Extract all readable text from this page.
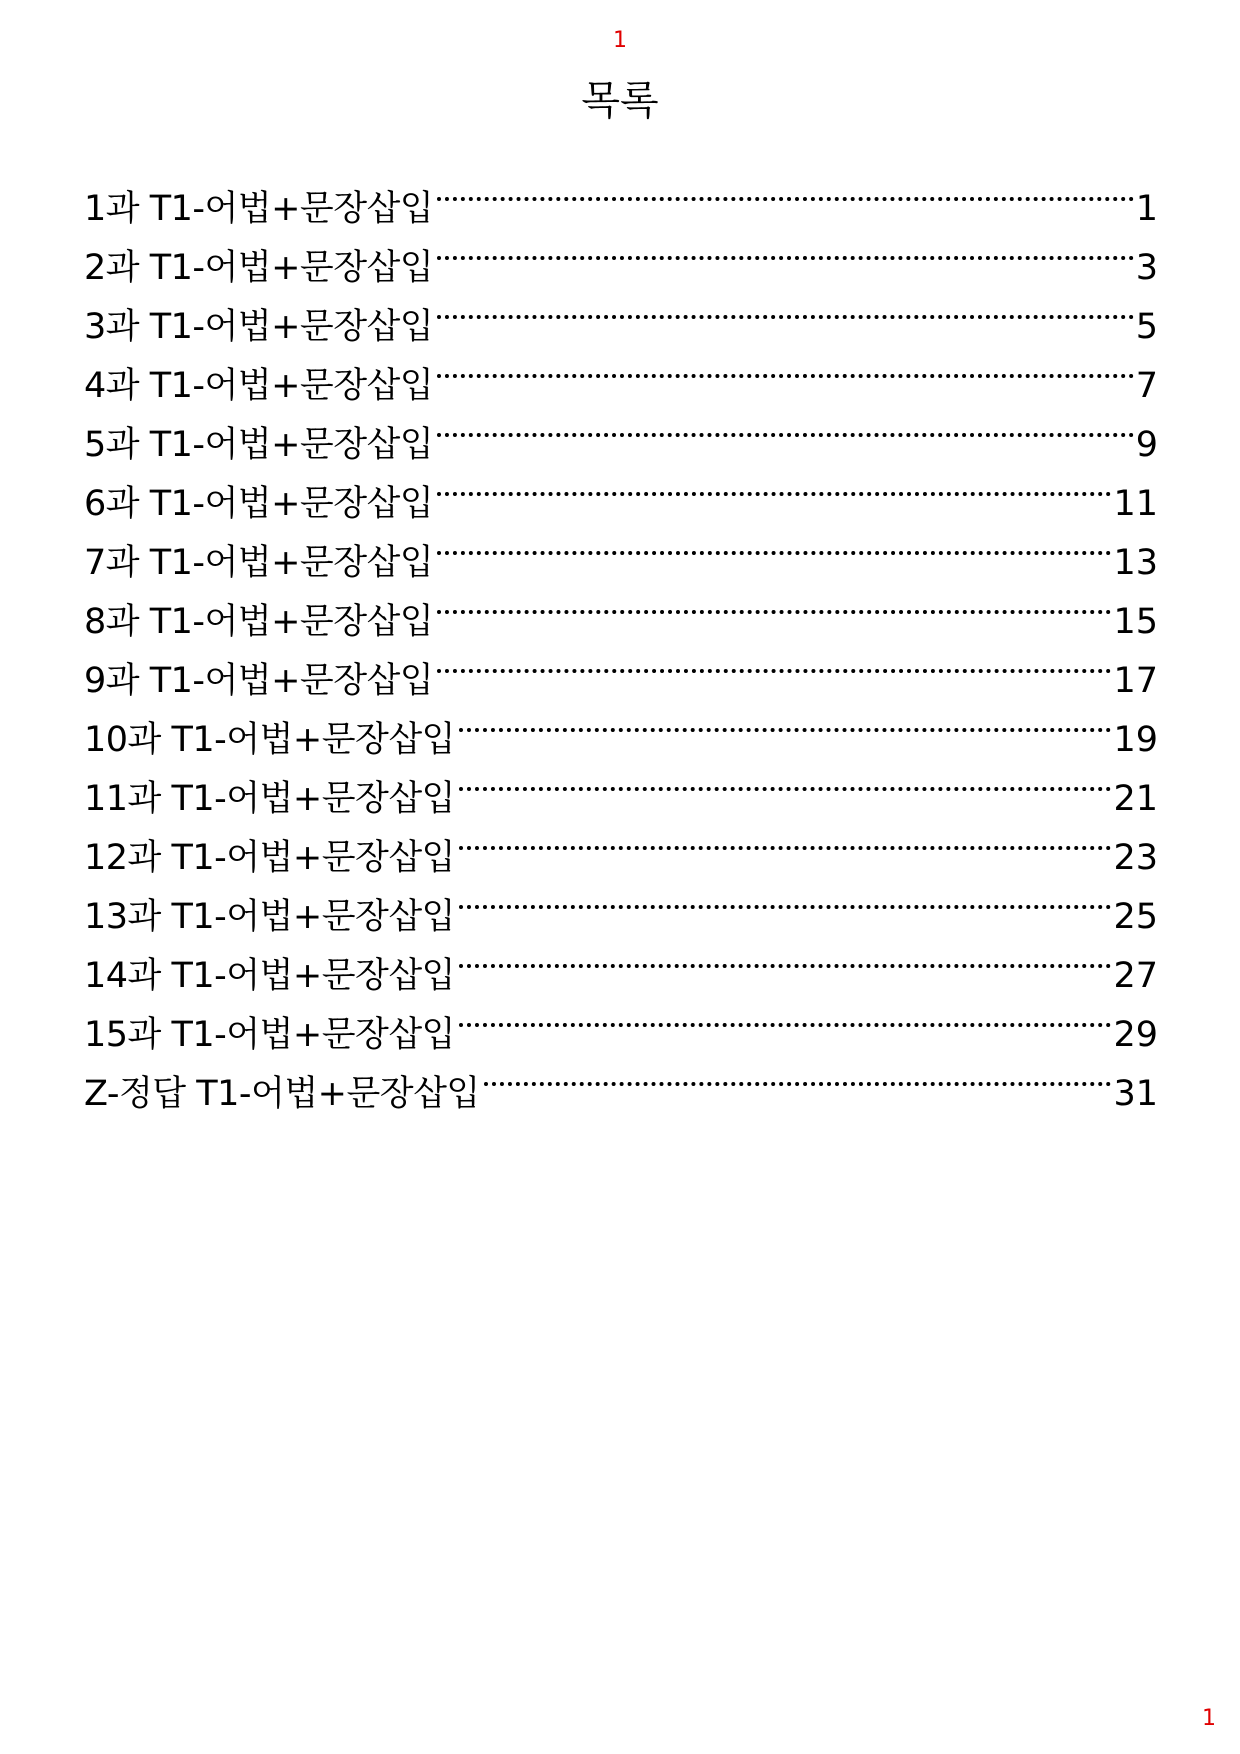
1
목록
1과 T1-어법+문장삽입	1
2과 T1-어법+문장삽입	3
3과 T1-어법+문장삽입	5
4과 T1-어법+문장삽입	7
5과 T1-어법+문장삽입	9
6과 T1-어법+문장삽입	11
7과 T1-어법+문장삽입	13
8과 T1-어법+문장삽입	15
9과 T1-어법+문장삽입	17
10과 T1-어법+문장삽입	19
11과 T1-어법+문장삽입	21
12과 T1-어법+문장삽입	23
13과 T1-어법+문장삽입	25
14과 T1-어법+문장삽입	27
15과 T1-어법+문장삽입	29
Z-정답 T1-어법+문장삽입	31
1
